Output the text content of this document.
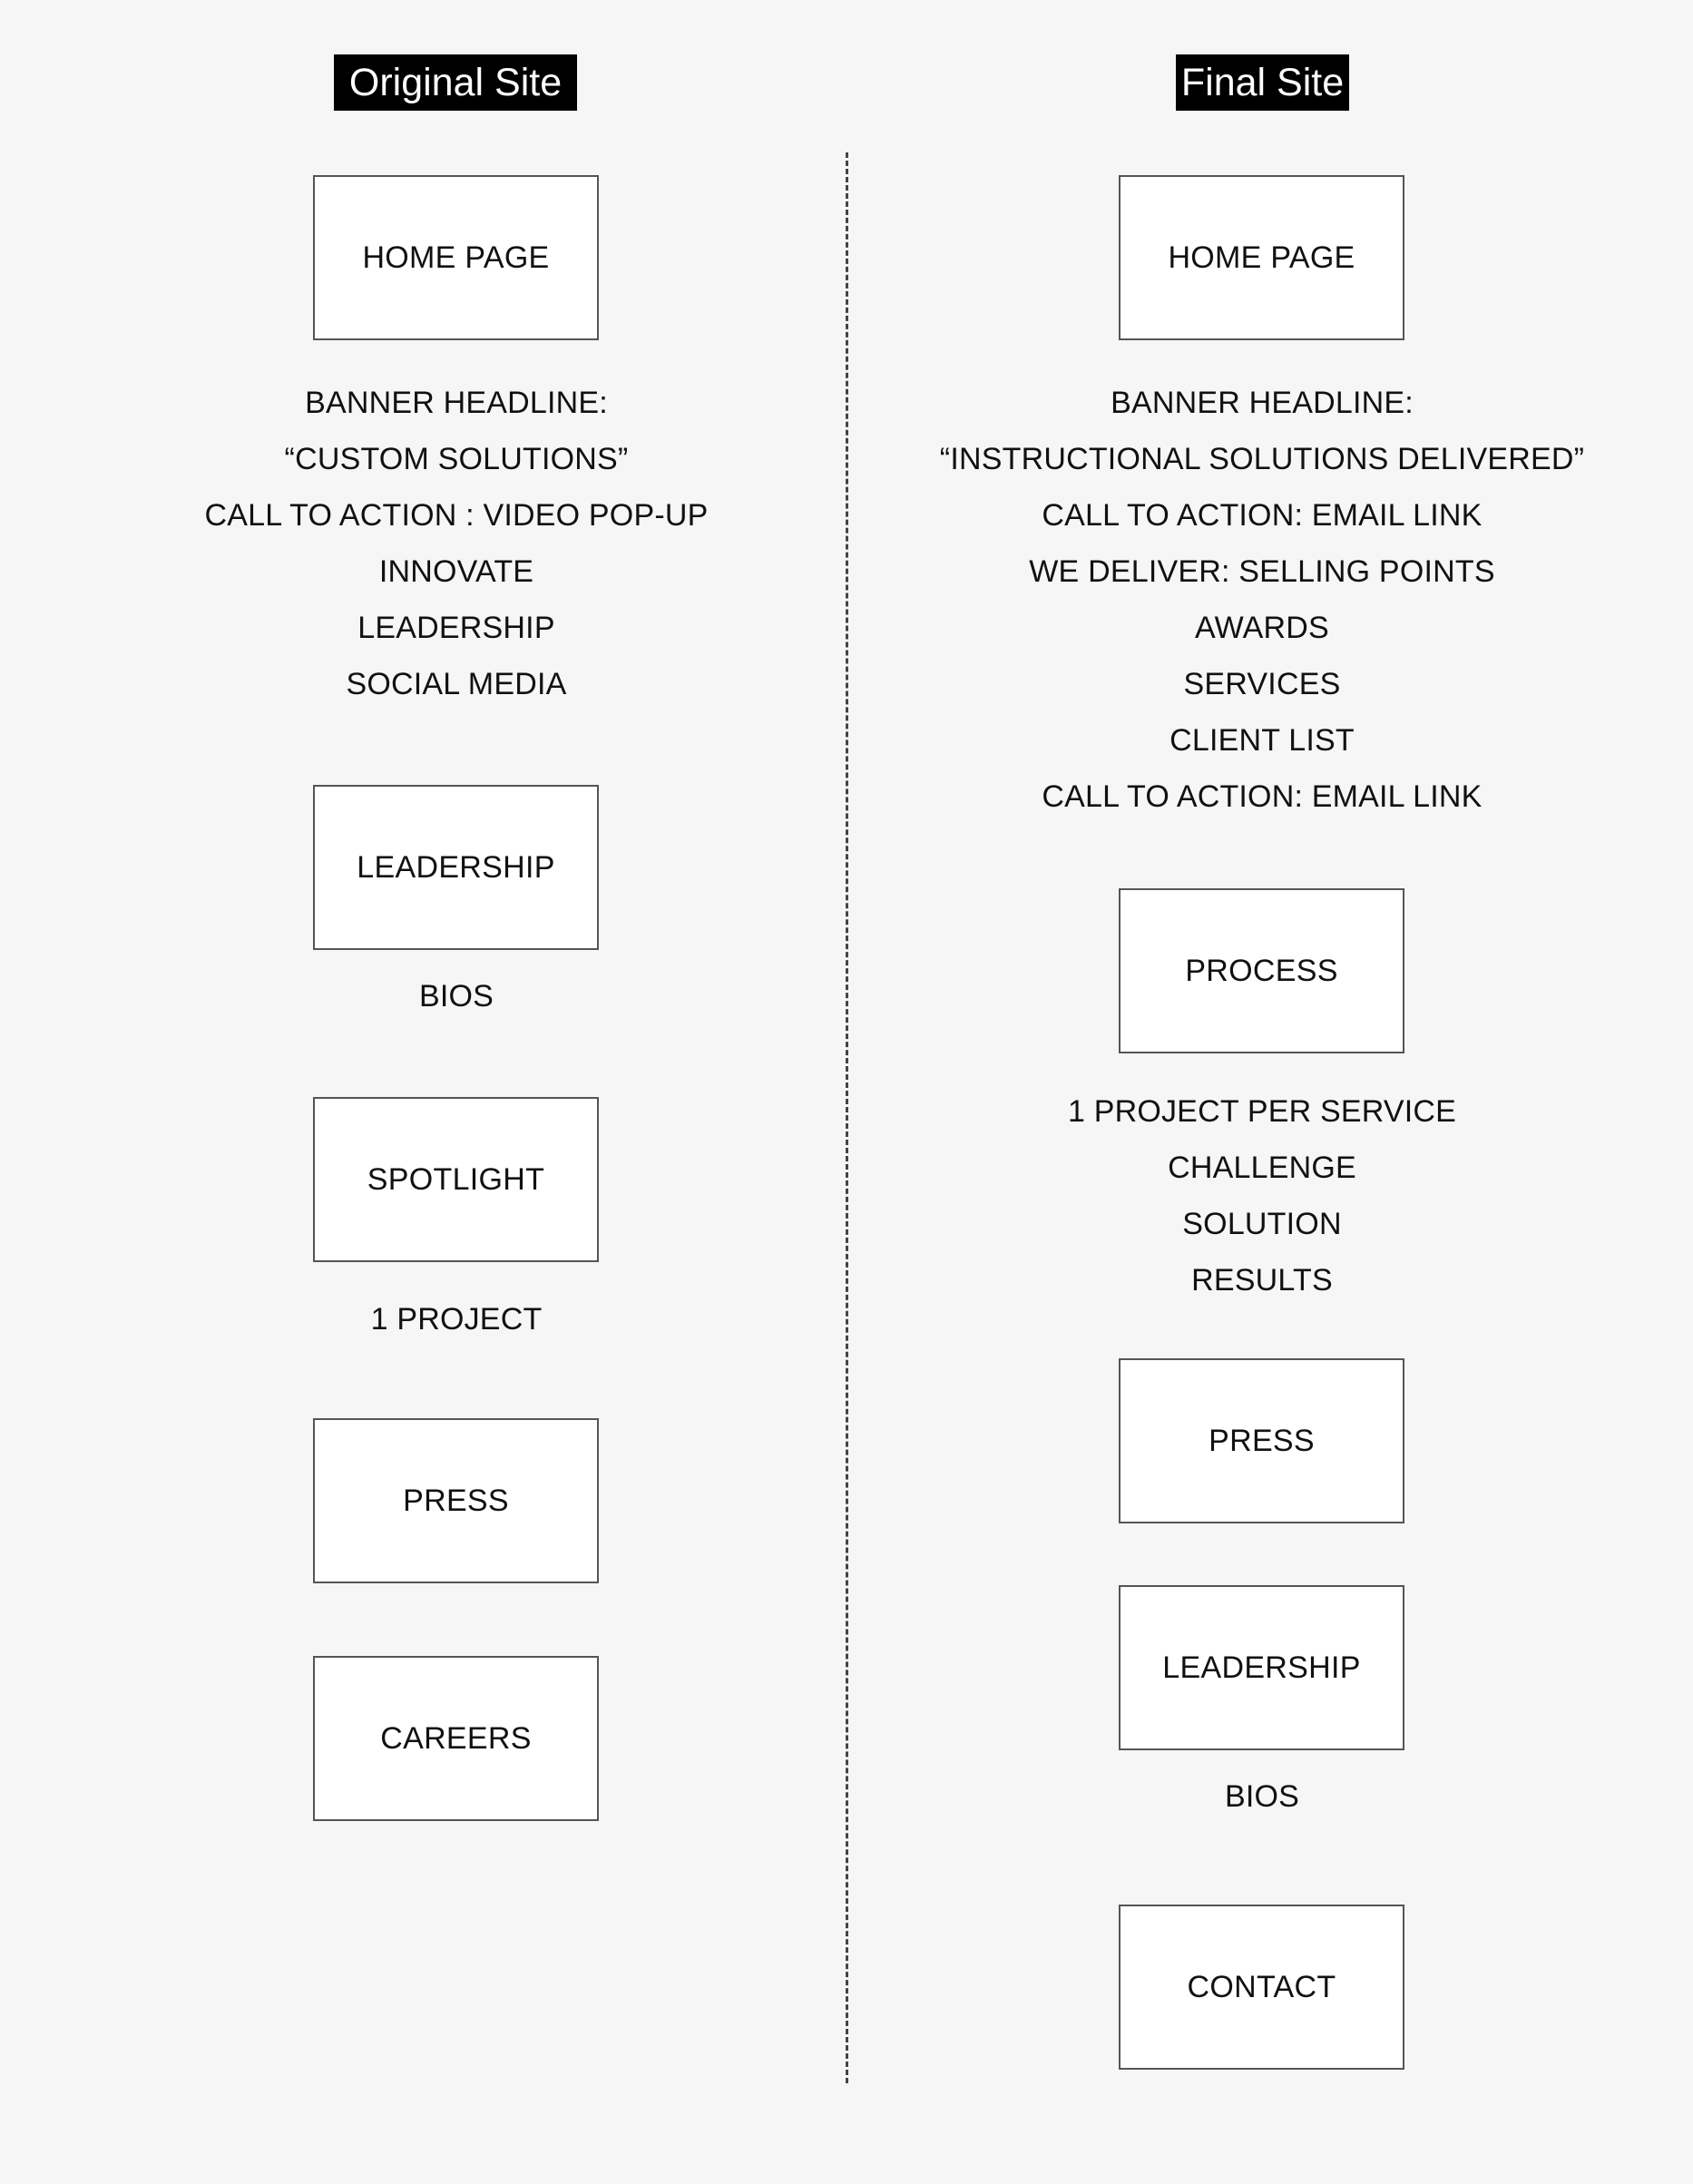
Original Site	Final Site
HOME PAGE
BANNER HEADLINE:
“CUSTOM SOLUTIONS”
CALL TO ACTION : VIDEO POP-UP
INNOVATE
LEADERSHIP
SOCIAL MEDIA
LEADERSHIP
BIOS
SPOTLIGHT
1 PROJECT
PRESS
CAREERS
HOME PAGE
BANNER HEADLINE:
“INSTRUCTIONAL SOLUTIONS DELIVERED”
CALL TO ACTION: EMAIL LINK
WE DELIVER: SELLING POINTS
AWARDS
SERVICES
CLIENT LIST
CALL TO ACTION: EMAIL LINK
PROCESS
1 PROJECT PER SERVICE
CHALLENGE
SOLUTION
RESULTS
PRESS
LEADERSHIP
BIOS
CONTACT
